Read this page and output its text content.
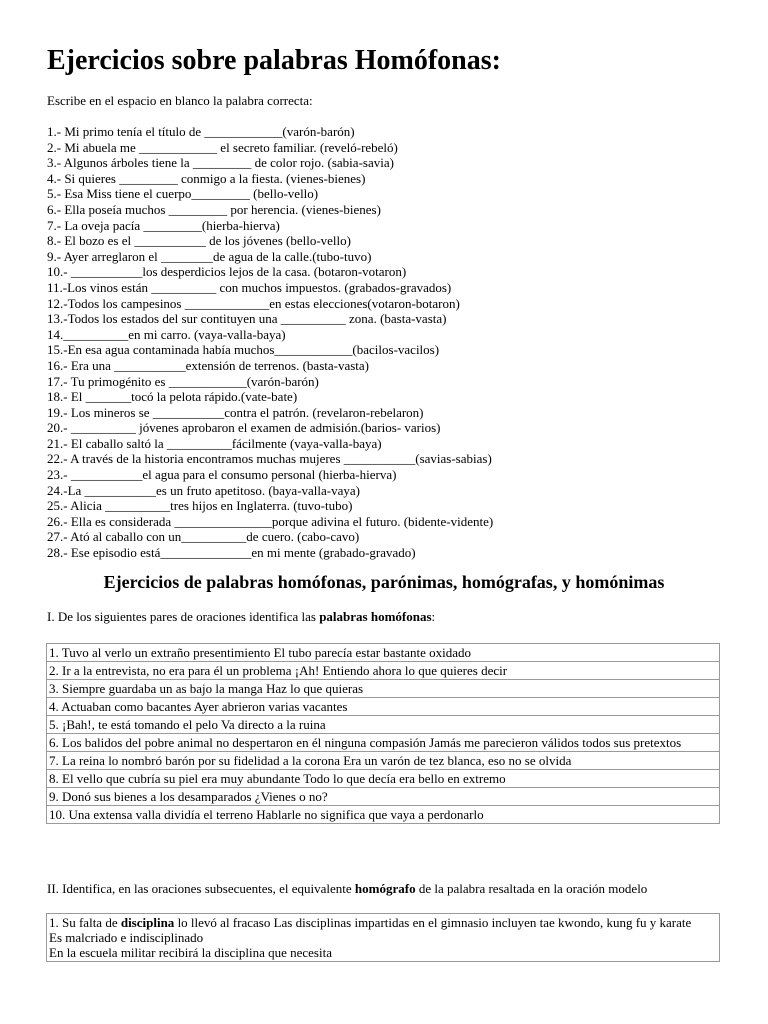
Ejercicios sobre palabras Homófonas:
Escribe en el espacio en blanco la palabra correcta:
1.- Mi primo tenía el título de ____________(varón-barón)
2.- Mi abuela me ____________ el secreto familiar. (reveló-rebeló)
3.- Algunos árboles tiene la _________ de color rojo. (sabia-savia)
4.- Si quieres _________ conmigo a la fiesta. (vienes-bienes)
5.- Esa Miss tiene el cuerpo_________ (bello-vello)
6.- Ella poseía muchos _________ por herencia. (vienes-bienes)
7.- La oveja pacía _________(hierba-hierva)
8.- El bozo es el ___________ de los jóvenes (bello-vello)
9.- Ayer arreglaron el ________de agua de la calle.(tubo-tuvo)
10.- ___________los desperdicios lejos de la casa. (botaron-votaron)
11.-Los vinos están __________ con muchos impuestos. (grabados-gravados)
12.-Todos los campesinos _____________en estas elecciones(votaron-botaron)
13.-Todos los estados del sur contituyen una __________ zona. (basta-vasta)
14.__________en mi carro. (vaya-valla-baya)
15.-En esa agua contaminada había muchos____________(bacilos-vacilos)
16.- Era una ___________extensión de terrenos. (basta-vasta)
17.- Tu primogénito es ____________(varón-barón)
18.- El _______tocó la pelota rápido.(vate-bate)
19.- Los mineros se ___________contra el patrón. (revelaron-rebelaron)
20.- __________ jóvenes aprobaron el examen de admisión.(barios- varios)
21.- El caballo saltó la __________fácilmente (vaya-valla-baya)
22.- A través de la historia encontramos muchas mujeres ___________(savias-sabias)
23.- ___________el agua para el consumo personal (hierba-hierva)
24.-La ___________es un fruto apetitoso. (baya-valla-vaya)
25.- Alicia __________tres hijos en Inglaterra. (tuvo-tubo)
26.- Ella es considerada _______________porque adivina el futuro. (bidente-vidente)
27.- Ató al caballo con un__________de cuero. (cabo-cavo)
28.- Ese episodio está______________en mi mente (grabado-gravado)
Ejercicios de palabras homófonas, parónimas, homógrafas, y homónimas
I. De los siguientes pares de oraciones identifica las palabras homófonas:
1. Tuvo al verlo un extraño presentimiento El tubo parecía estar bastante oxidado
2. Ir a la entrevista, no era para él un problema ¡Ah! Entiendo ahora lo que quieres decir
3. Siempre guardaba un as bajo la manga Haz lo que quieras
4. Actuaban como bacantes Ayer abrieron varias vacantes
5. ¡Bah!, te está tomando el pelo Va directo a la ruina
6. Los balidos del pobre animal no despertaron en él ninguna compasión Jamás me parecieron válidos todos sus pretextos
7. La reina lo nombró barón por su fidelidad a la corona Era un varón de tez blanca, eso no se olvida
8. El vello que cubría su piel era muy abundante Todo lo que decía era bello en extremo
9. Donó sus bienes a los desamparados ¿Vienes o no?
10. Una extensa valla dividía el terreno Hablarle no significa que vaya a perdonarlo
II. Identifica, en las oraciones subsecuentes, el equivalente homógrafo de la palabra resaltada en la oración modelo
1. Su falta de disciplina lo llevó al fracaso Las disciplinas impartidas en el gimnasio incluyen tae kwondo, kung fu y karate
Es malcriado e indisciplinado
En la escuela militar recibirá la disciplina que necesita
